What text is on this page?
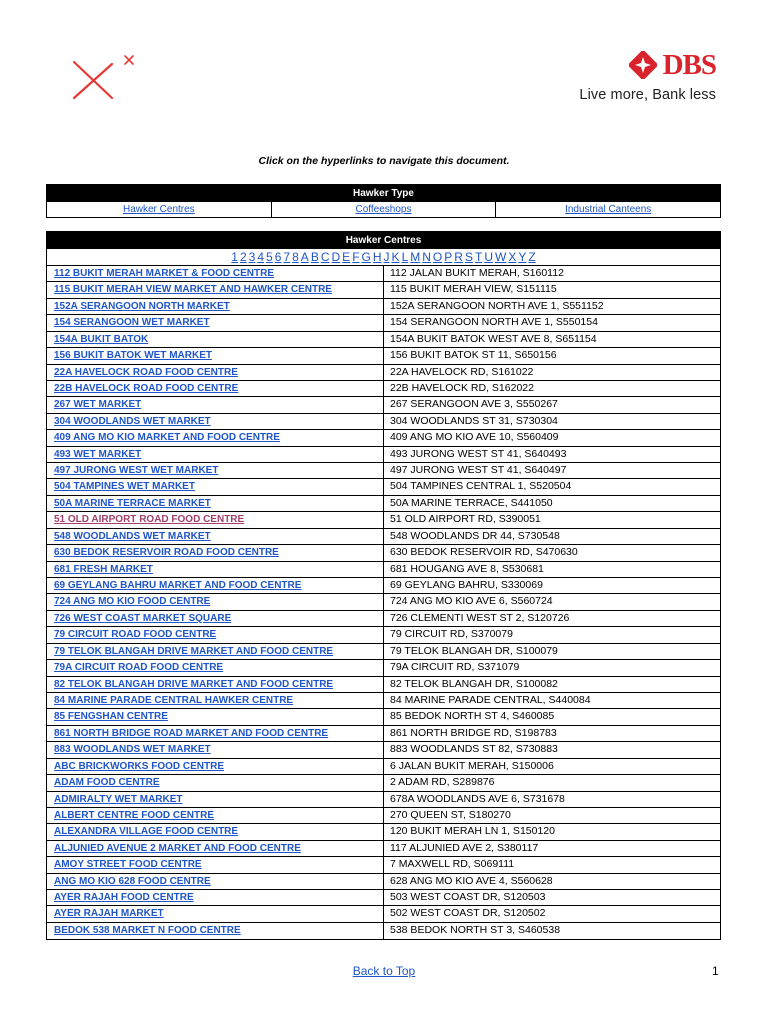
DBS
Live more, Bank less
Click on the hyperlinks to navigate this document.
Hawker Type
Hawker Centres	Coffeeshops	Industrial Canteens
Hawker Centres
1 2 3 4 5 6 7 8 A B C D E F G H J K L M N O P R S T U W X Y Z
112 BUKIT MERAH MARKET & FOOD CENTRE	112 JALAN BUKIT MERAH, S160112
115 BUKIT MERAH VIEW MARKET AND HAWKER CENTRE	115 BUKIT MERAH VIEW, S151115
152A SERANGOON NORTH MARKET	152A SERANGOON NORTH AVE 1, S551152
154 SERANGOON WET MARKET	154 SERANGOON NORTH AVE 1, S550154
154A BUKIT BATOK	154A BUKIT BATOK WEST AVE 8, S651154
156 BUKIT BATOK WET MARKET	156 BUKIT BATOK ST 11, S650156
22A HAVELOCK ROAD FOOD CENTRE	22A HAVELOCK RD, S161022
22B HAVELOCK ROAD FOOD CENTRE	22B HAVELOCK RD, S162022
267 WET MARKET	267 SERANGOON AVE 3, S550267
304 WOODLANDS WET MARKET	304 WOODLANDS ST 31, S730304
409 ANG MO KIO MARKET AND FOOD CENTRE	409 ANG MO KIO AVE 10, S560409
493 WET MARKET	493 JURONG WEST ST 41, S640493
497 JURONG WEST WET MARKET	497 JURONG WEST ST 41, S640497
504 TAMPINES WET MARKET	504 TAMPINES CENTRAL 1, S520504
50A MARINE TERRACE MARKET	50A MARINE TERRACE, S441050
51 OLD AIRPORT ROAD FOOD CENTRE	51 OLD AIRPORT RD, S390051
548 WOODLANDS WET MARKET	548 WOODLANDS DR 44, S730548
630 BEDOK RESERVOIR ROAD FOOD CENTRE	630 BEDOK RESERVOIR RD, S470630
681 FRESH MARKET	681 HOUGANG AVE 8, S530681
69 GEYLANG BAHRU MARKET AND FOOD CENTRE	69 GEYLANG BAHRU, S330069
724 ANG MO KIO FOOD CENTRE	724 ANG MO KIO AVE 6, S560724
726 WEST COAST MARKET SQUARE	726 CLEMENTI WEST ST 2, S120726
79 CIRCUIT ROAD FOOD CENTRE	79 CIRCUIT RD, S370079
79 TELOK BLANGAH DRIVE MARKET AND FOOD CENTRE	79 TELOK BLANGAH DR, S100079
79A CIRCUIT ROAD FOOD CENTRE	79A CIRCUIT RD, S371079
82 TELOK BLANGAH DRIVE MARKET AND FOOD CENTRE	82 TELOK BLANGAH DR, S100082
84 MARINE PARADE CENTRAL HAWKER CENTRE	84 MARINE PARADE CENTRAL, S440084
85 FENGSHAN CENTRE	85 BEDOK NORTH ST 4, S460085
861 NORTH BRIDGE ROAD MARKET AND FOOD CENTRE	861 NORTH BRIDGE RD, S198783
883 WOODLANDS WET MARKET	883 WOODLANDS ST 82, S730883
ABC BRICKWORKS FOOD CENTRE	6 JALAN BUKIT MERAH, S150006
ADAM FOOD CENTRE	2 ADAM RD, S289876
ADMIRALTY WET MARKET	678A WOODLANDS AVE 6, S731678
ALBERT CENTRE FOOD CENTRE	270 QUEEN ST, S180270
ALEXANDRA VILLAGE FOOD CENTRE	120 BUKIT MERAH LN 1, S150120
ALJUNIED AVENUE 2 MARKET AND FOOD CENTRE	117 ALJUNIED AVE 2, S380117
AMOY STREET FOOD CENTRE	7 MAXWELL RD, S069111
ANG MO KIO 628 FOOD CENTRE	628 ANG MO KIO AVE 4, S560628
AYER RAJAH FOOD CENTRE	503 WEST COAST DR, S120503
AYER RAJAH MARKET	502 WEST COAST DR, S120502
BEDOK 538 MARKET N FOOD CENTRE	538 BEDOK NORTH ST 3, S460538
Back to Top	1
